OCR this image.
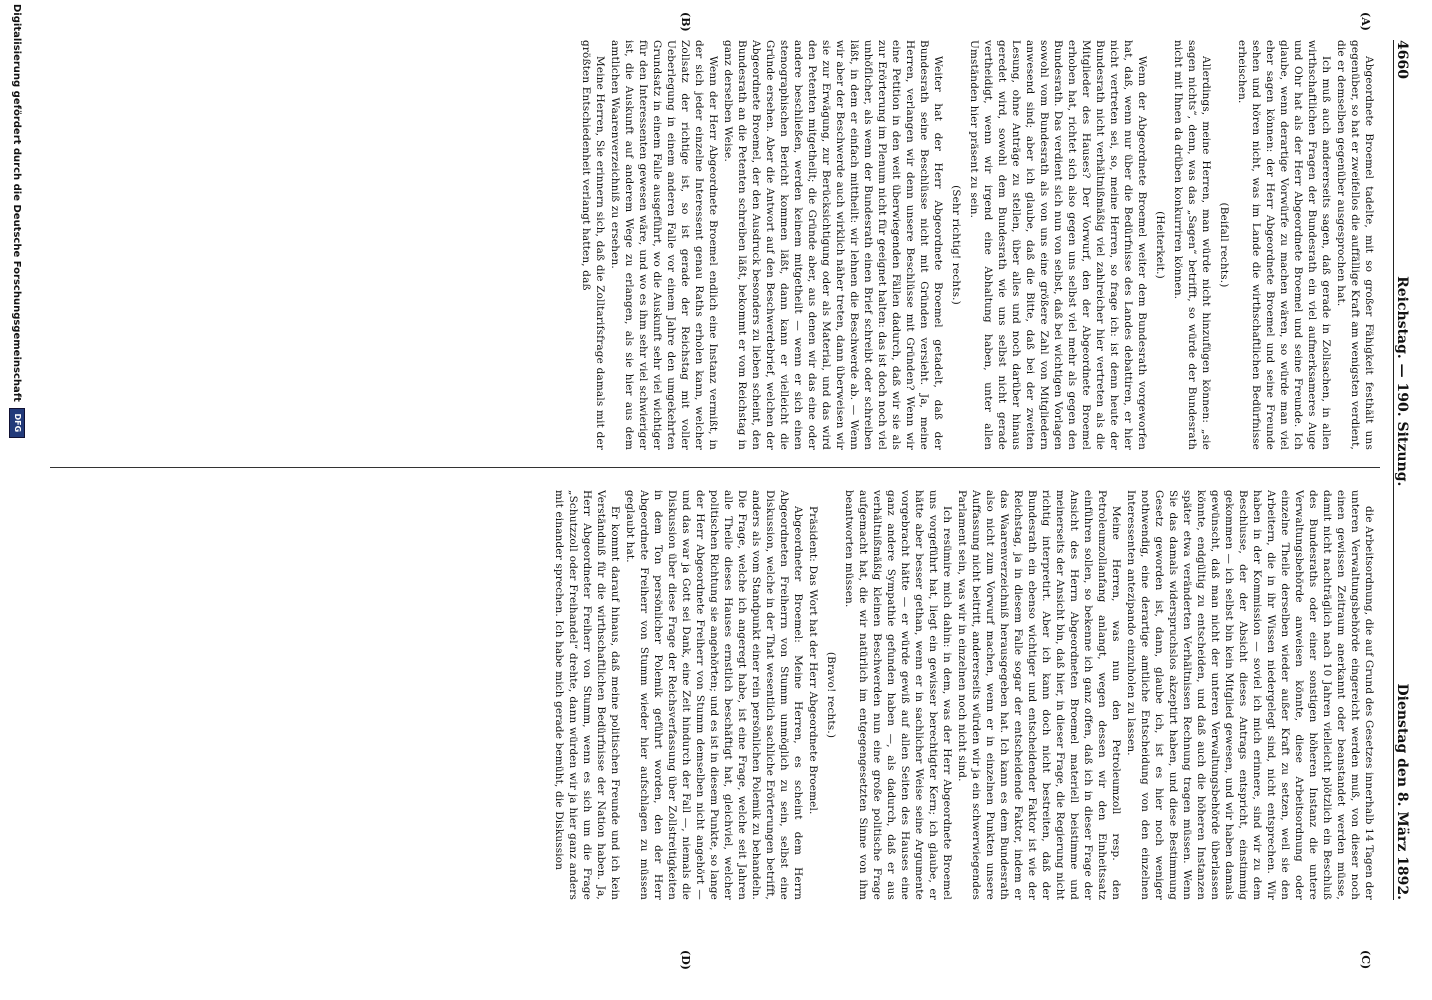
4660
Reichstag. — 190. Sitzung.
Dienstag den 8. März 1892.
(A)
(B)
(C)
(D)

Abgeordnete Broemel tadelte, mit so großer Fähigkeit festhält uns gegenüber, so hat er zweifellos die auffällige Kraft am wenigsten verdient, die er demselben gegenüber ausgesprochen hat.

Ich muß auch andererseits sagen, daß gerade in Zollsachen, in allen wirthschaftlichen Fragen der Bundesrath ein viel aufmerksameres Auge und Ohr hat als der Herr Abgeordnete Broemel und seine Freunde. Ich glaube, wenn derartige Vorwürfe zu machen wären, so würde man viel eher sagen können: der Herr Abgeordnete Broemel und seine Freunde sehen und hören nicht, was im Lande die wirthschaftlichen Bedürfnisse erheischen.

(Beifall rechts.)

Allerdings, meine Herren, man würde nicht hinzufügen können: „sie sagen nichts“, denn, was das „Sagen“ betrifft, so würde der Bundesrath nicht mit Ihnen da drüben konkurriren können.

(Heiterkeit.)

Wenn der Abgeordnete Broemel weiter dem Bundesrath vorgeworfen hat, daß, wenn nur über die Bedürfnisse des Landes debattiren, er hier nicht vertreten sei, so, meine Herren, so frage ich: ist denn heute der Bundesrath nicht verhältnißmäßig viel zahlreicher hier vertreten als die Mitglieder des Hauses? Der Vorwurf, den der Abgeordnete Broemel erhoben hat, richtet sich also gegen uns selbst viel mehr als gegen den Bundesrath. Das verdient sich nun von selbst, daß bei wichtigen Vorlagen sowohl vom Bundesrath als von uns eine größere Zahl von Mitgliedern anwesend sind; aber ich glaube, daß die Bitte, daß bei der zweiten Lesung, ohne Anträge zu stellen, über alles und noch darüber hinaus geredet wird, sowohl dem Bundesrath wie uns selbst nicht gerade vertheidigt, wenn wir irgend eine Abhaltung haben, unter allen Umständen hier präsent zu sein.

(Sehr richtig! rechts.)

Weiter hat der Herr Abgeordnete Broemel getadelt, daß der Bundesrath seine Beschlüsse nicht mit Gründen versieht. Ja, meine Herren, verlangen wir denn unsere Beschlüsse mit Gründen? Wenn wir eine Petition in den weit überwiegenden Fällen dadurch, daß wir sie als zur Erörterung im Plenum nicht für geeignet halten: das ist doch noch viel unhöflicher, als wenn der Bundesrath einen Brief schreibt oder schreiben läßt, in dem er einfach mittheilt: wir lehnen die Beschwerde ab. — Wenn wir aber der Beschwerde auch wirklich näher treten, dann überweisen wir sie zur Erwägung, zur Berücksichtigung oder als Material, und das wird den Petenten mitgetheilt; die Gründe aber, aus denen wir das eine oder andere beschließen, werden keinem mitgetheilt — wenn er sich einen stenographischen Bericht kommen läßt, dann kann er vielleicht die Gründe ersehen. Aber die Antwort auf den Beschwerdebrief, welchen der Abgeordnete Broemel, der den Ausdruck besonders zu lieben scheint, den Bundesrath an die Petenten schreiben läßt, bekommt er vom Reichstag in ganz derselben Weise.

Wenn der Herr Abgeordnete Broemel endlich eine Instanz vermißt, in der sich jeder einzelne Interessent genau Raths erholen kann, welcher Zollsatz der richtige ist, so ist gerade der Reichstag mit voller Ueberlegung in einem anderen Falle vor einem Jahre den umgekehrten Grundsatz in einem Falle ausgeführt, wo die Auskunft sehr viel wichtiger für den Interessenten gewesen wäre, und wo es ihm sehr viel schwieriger ist, die Auskunft auf anderem Wege zu erlangen, als sie hier aus dem amtlichen Waarenverzeichniß zu ersehen.

Meine Herren, Sie erinnern sich, daß die Zolltarifsfrage damals mit der größten Entschiedenheit verlangt hatten, daß

die Arbeitsordnung, die auf Grund des Gesetzes innerhalb 14 Tagen der unteren Verwaltungsbehörde eingereicht werden muß, von dieser noch einen gewissen Zeitraum anerkannt oder beanstandet werden müsse, damit nicht nachträglich nach 10 Jahren vielleicht plötzlich ein Beschluß des Bundesraths oder einer sonstigen höheren Instanz die untere Verwaltungsbehörde anweisen könnte, diese Arbeitsordnung oder einzelne Theile derselben wieder außer Kraft zu setzen, weil sie den Arbeitern, die in ihr Wissen niedergelegt sind, nicht entsprechen. Wir haben in der Kommission — soviel ich mich erinnere, sind wir zu dem Beschlusse, der der Absicht dieses Antrags entspricht, einstimmig gekommen — ich selbst bin kein Mitglied gewesen, und wir haben damals gewünscht, daß man nicht der unteren Verwaltungsbehörde überlassen könnte, endgültig zu entscheiden, und daß auch die höheren Instanzen später etwa veränderten Verhältnissen Rechnung tragen müssen. Wenn Sie das damals widerspruchslos akzeptirt haben, und diese Bestimmung Gesetz geworden ist, dann, glaube ich, ist es hier noch weniger nothwendig, eine derartige amtliche Entscheidung von den einzelnen Interessenten antezipando einzuholen zu lassen.

Meine Herren, was nun den Petroleumzoll resp. den Petroleumzollanfang anlangt, wegen dessen wir den Einheitssatz einführen sollen, so bekenne ich ganz offen, daß ich in dieser Frage der Ansicht des Herrn Abgeordneten Broemel materiell beistimme und meinerseits der Ansicht bin, daß hier, in dieser Frage, die Regierung nicht richtig interpretirt. Aber ich kann doch nicht bestreiten, daß der Bundesrath ein ebenso wichtiger und entscheidender Faktor ist wie der Reichstag, ja in diesem Falle sogar der entscheidende Faktor, indem er das Waarenverzeichniß herausgegeben hat. Ich kann es dem Bundesrath also nicht zum Vorwurf machen, wenn er in einzelnen Punkten unsere Auffassung nicht beitritt, andererseits würden wir ja ein schwerwiegendes Parlament sein, was wir in einzelnen noch nicht sind.

Ich resümire mich dahin: in dem, was der Herr Abgeordnete Broemel uns vorgeführt hat, liegt ein gewisser berechtigter Kern; ich glaube, er hätte aber besser gethan, wenn er in sachlicher Weise seine Argumente vorgebracht hätte — er würde gewiß auf allen Seiten des Hauses eine ganz andere Sympathie gefunden haben —, als dadurch, daß er aus verhältnißmäßig kleinen Beschwerden nun eine große politische Frage aufgemacht hat, die wir natürlich im entgegengesetzten Sinne von ihm beantworten müssen.

(Bravo! rechts.)

Präsident: Das Wort hat der Herr Abgeordnete Broemel.

Abgeordneter Broemel: Meine Herren, es scheint dem Herrn Abgeordneten Freiherrn von Stumm unmöglich zu sein, selbst eine Diskussion, welche in der That wesentlich sachliche Erörterungen betrifft, anders als vom Standpunkt einer rein persönlichen Polemik zu behandeln. Die Frage, welche ich angeregt habe, ist eine Frage, welche seit Jahren alle Theile dieses Hauses ernstlich beschäftigt hat, gleichviel, welcher politischen Richtung sie angehörten; und es ist in diesem Punkte, so lange der Herr Abgeordnete Freiherr von Stumm demselben nicht angehört — und das war ja Gott sei Dank, eine Zeit hindurch der Fall —, niemals die Diskussion über diese Frage der Reichsverfassung über Zollstreitigkeiten in dem Ton persönlicher Polemik geführt worden, den der Herr Abgeordnete Freiherr von Stumm wieder hier aufschlagen zu müssen geglaubt hat.

Er kommt darauf hinaus, daß meine politischen Freunde und ich kein Verständniß für die wirthschaftlichen Bedürfnisse der Nation haben. Ja, Herr Abgeordneter Freiherr von Stumm, wenn es sich um die Frage „Schutzzoll oder Freihandel“ drehte, dann würden wir ja hier ganz anders mit einander sprechen. Ich habe mich gerade bemüht, die Diskussion

Digitalisierung gefördert durch die Deutsche Forschungsgemeinschaft
DFG
